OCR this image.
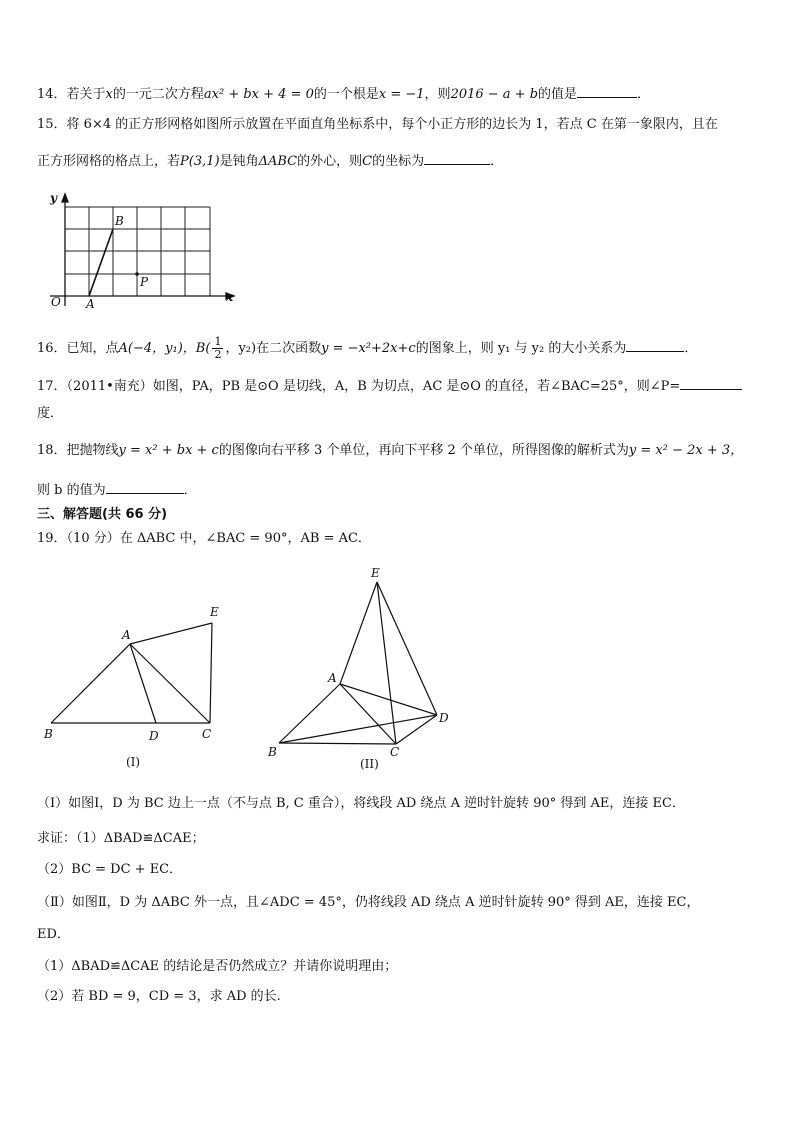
14．若关于x的一元二次方程ax² + bx + 4 = 0的一个根是x = −1，则2016 − a + b的值是	．
15．将 6×4 的正方形网格如图所示放置在平面直角坐标系中，每个小正方形的边长为 1，若点 C 在第一象限内，且在
正方形网格的格点上，若P(3,1)是钝角ΔABC的外心，则C的坐标为	．
y
x
O A
B
P
16．已知，点A(−4，y₁)，$B( \frac{1}{2}$ ，y₂)在二次函数y = −x²+2x+c的图象上，则 y₁ 与 y₂ 的大小关系为	．
17．（2011•南充）如图，PA，PB 是⊙O 是切线，A，B 为切点，AC 是⊙O 的直径，若∠BAC=25°，则∠P=
度．
18．把抛物线y = x² + bx + c的图像向右平移 3 个单位，再向下平移 2 个单位，所得图像的解析式为y = x² − 2x + 3，
则 b 的值为	．
三、解答题(共 66 分)
19．（10 分）在 ΔABC 中，∠BAC = 90°，AB = AC．
A
B	C
D
E
(I)
A
B	C
D
E
(II)
（Ⅰ）如图Ⅰ，D 为 BC 边上一点（不与点 B, C 重合），将线段 AD 绕点 A 逆时针旋转 90° 得到 AE，连接 EC．
求证：（1）ΔBAD≌ΔCAE；
（2）BC = DC + EC．
（Ⅱ）如图Ⅱ，D 为 ΔABC 外一点，且∠ADC = 45°，仍将线段 AD 绕点 A 逆时针旋转 90° 得到 AE，连接 EC，
ED．
（1）ΔBAD≌ΔCAE 的结论是否仍然成立？并请你说明理由；
（2）若 BD = 9，CD = 3，求 AD 的长.
